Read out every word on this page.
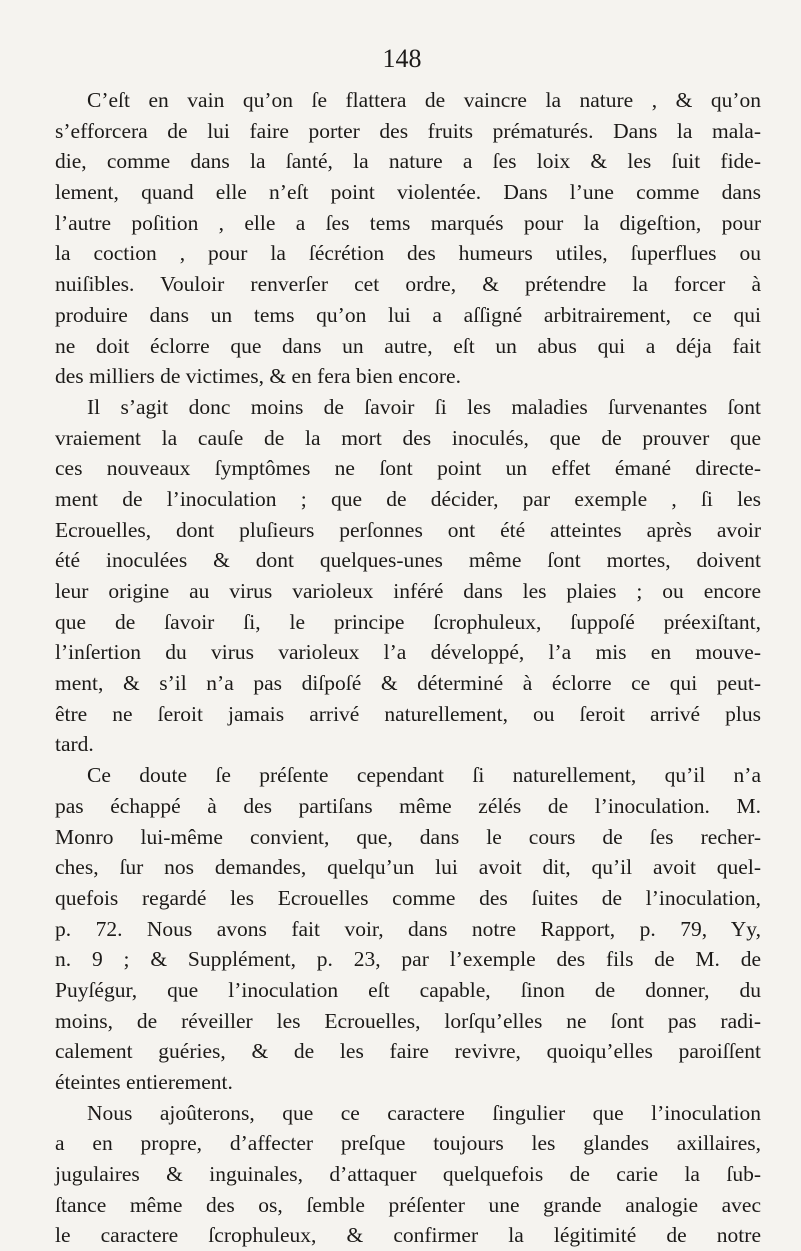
148
C’eſt en vain qu’on ſe flattera de vaincre la nature , & qu’on
s’efforcera de lui faire porter des fruits prématurés. Dans la mala-
die, comme dans la ſanté, la nature a ſes loix & les ſuit fide-
lement, quand elle n’eſt point violentée. Dans l’une comme dans
l’autre poſition , elle a ſes tems marqués pour la digeſtion, pour
la coction , pour la ſécrétion des humeurs utiles, ſuperflues ou
nuiſibles. Vouloir renverſer cet ordre, & prétendre la forcer à
produire dans un tems qu’on lui a aſſigné arbitrairement, ce qui
ne doit éclorre que dans un autre, eſt un abus qui a déja fait
des milliers de victimes, & en fera bien encore.
Il s’agit donc moins de ſavoir ſi les maladies ſurvenantes ſont
vraiement la cauſe de la mort des inoculés, que de prouver que
ces nouveaux ſymptômes ne ſont point un effet émané directe-
ment de l’inoculation ; que de décider, par exemple , ſi les
Ecrouelles, dont pluſieurs perſonnes ont été atteintes après avoir
été inoculées & dont quelques-unes même ſont mortes, doivent
leur origine au virus varioleux inféré dans les plaies ; ou encore
que de ſavoir ſi, le principe ſcrophuleux, ſuppoſé préexiſtant,
l’inſertion du virus varioleux l’a développé, l’a mis en mouve-
ment, & s’il n’a pas diſpoſé & déterminé à éclorre ce qui peut-
être ne ſeroit jamais arrivé naturellement, ou ſeroit arrivé plus
tard.
Ce doute ſe préſente cependant ſi naturellement, qu’il n’a
pas échappé à des partiſans même zélés de l’inoculation. M.
Monro lui-même convient, que, dans le cours de ſes recher-
ches, ſur nos demandes, quelqu’un lui avoit dit, qu’il avoit quel-
quefois regardé les Ecrouelles comme des ſuites de l’inoculation,
p. 72. Nous avons fait voir, dans notre Rapport, p. 79, Yy,
n. 9 ; & Supplément, p. 23, par l’exemple des fils de M. de
Puyſégur, que l’inoculation eſt capable, ſinon de donner, du
moins, de réveiller les Ecrouelles, lorſqu’elles ne ſont pas radi-
calement guéries, & de les faire revivre, quoiqu’elles paroiſſent
éteintes entierement.
Nous ajoûterons, que ce caractere ſingulier que l’inoculation
a en propre, d’affecter preſque toujours les glandes axillaires,
jugulaires & inguinales, d’attaquer quelquefois de carie la ſub-
ſtance même des os, ſemble préſenter une grande analogie avec
le caractere ſcrophuleux, & confirmer la légitimité de notre
